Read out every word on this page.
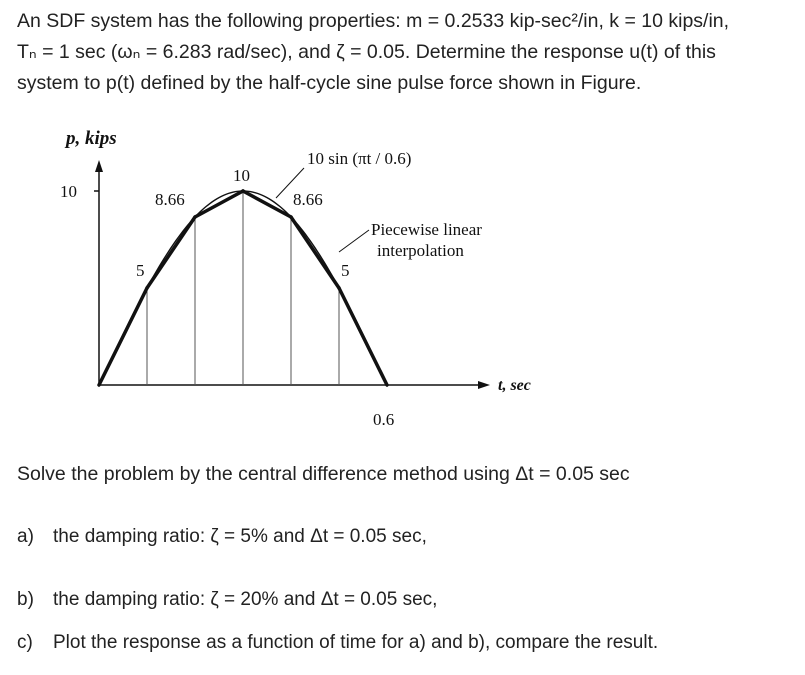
An SDF system has the following properties: m = 0.2533 kip-sec²/in, k = 10 kips/in,

Tₙ = 1 sec (ωₙ = 6.283 rad/sec), and ζ = 0.05. Determine the response u(t) of this

system to p(t) defined by the half-cycle sine pulse force shown in Figure.

p, kips
t, sec
10
0.6
10 sin (πt / 0.6)
Piecewise linear
interpolation
5
8.66
10
8.66
5
Solve the problem by the central difference method using Δt = 0.05 sec
a) the damping ratio: ζ = 5% and Δt = 0.05 sec,
b) the damping ratio: ζ = 20% and Δt = 0.05 sec,
c) Plot the response as a function of time for a) and b), compare the result.
